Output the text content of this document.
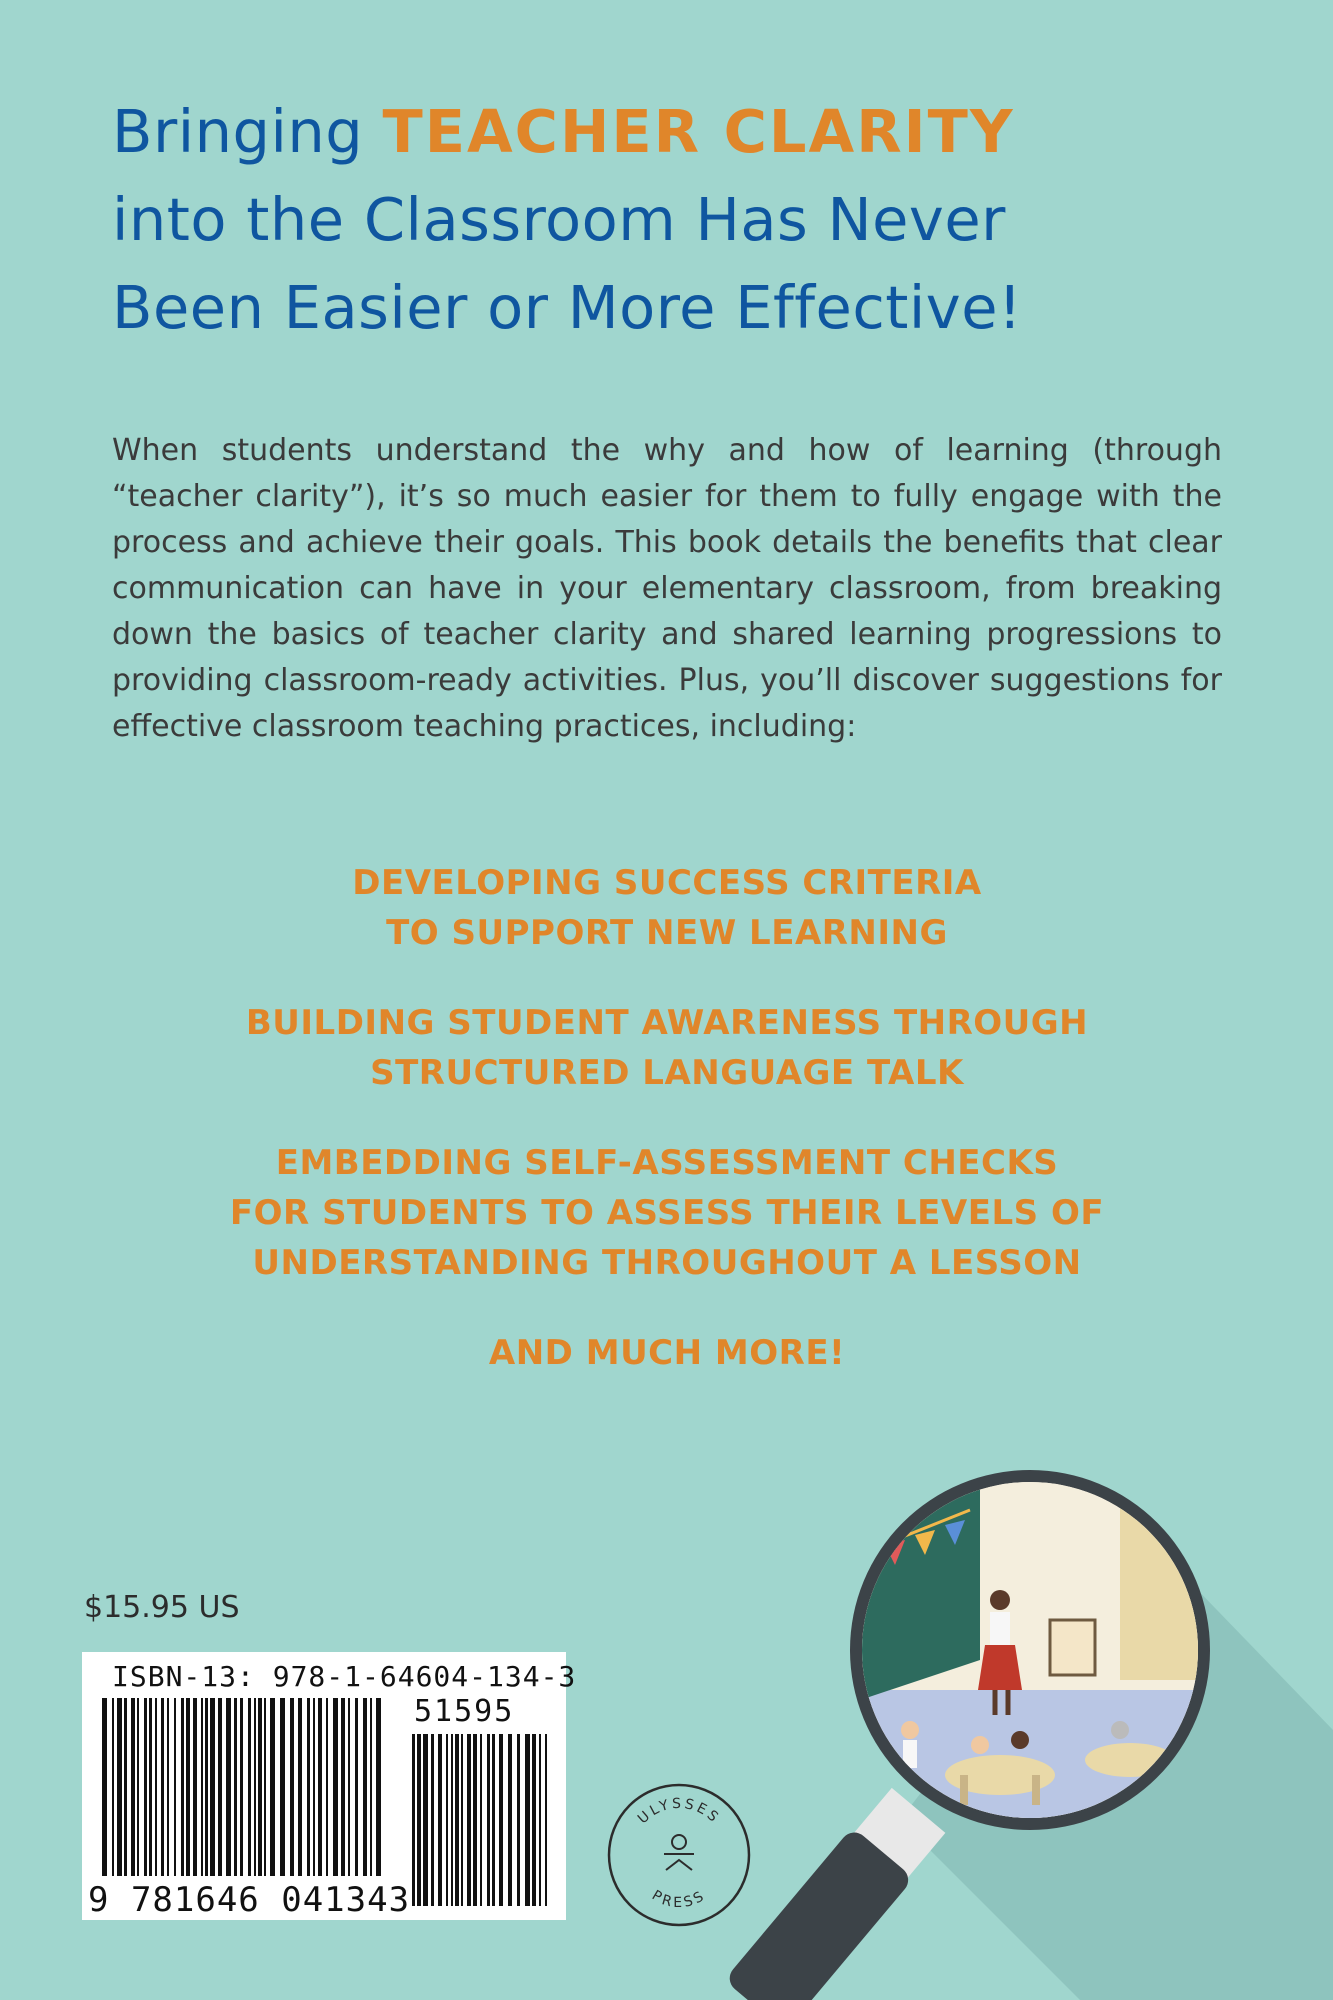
Bringing TEACHER CLARITY
into the Classroom Has Never
Been Easier or More Effective!
When students understand the why and how of learning (through “teacher clarity”), it’s so much easier for them to fully engage with the process and achieve their goals. This book details the benefits that clear communication can have in your elementary classroom, from breaking down the basics of teacher clarity and shared learning progressions to providing classroom-ready activities. Plus, you’ll discover suggestions for effective classroom teaching practices, including:
DEVELOPING SUCCESS CRITERIA
TO SUPPORT NEW LEARNING
BUILDING STUDENT AWARENESS THROUGH
STRUCTURED LANGUAGE TALK
EMBEDDING SELF-ASSESSMENT CHECKS
FOR STUDENTS TO ASSESS THEIR LEVELS OF
UNDERSTANDING THROUGHOUT A LESSON
AND MUCH MORE!
$15.95 US
ISBN-13: 978-1-64604-134-3
51595
9 781646 041343
ULYSSES
PRESS
